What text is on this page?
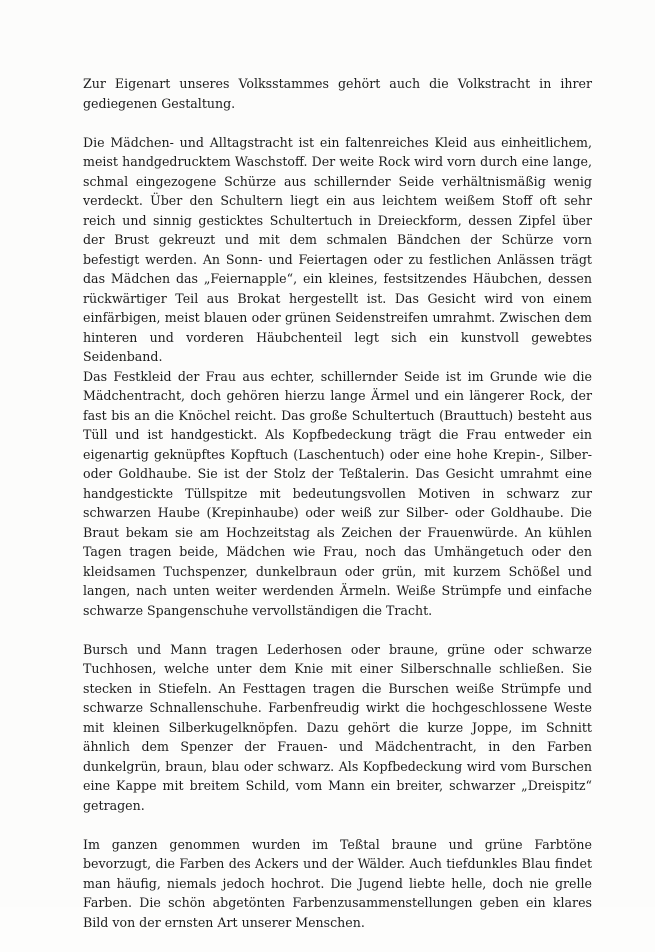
Zur Eigenart unseres Volksstammes gehört auch die Volkstracht in ihrer gediegenen Gestaltung.

Die Mädchen- und Alltagstracht ist ein faltenreiches Kleid aus einheitlichem, meist handgedrucktem Waschstoff. Der weite Rock wird vorn durch eine lange, schmal eingezogene Schürze aus schillernder Seide verhältnismäßig wenig verdeckt. Über den Schultern liegt ein aus leichtem weißem Stoff oft sehr reich und sinnig gesticktes Schultertuch in Dreieckform, dessen Zipfel über der Brust gekreuzt und mit dem schmalen Bändchen der Schürze vorn befestigt werden. An Sonn- und Feiertagen oder zu festlichen Anlässen trägt das Mädchen das „Feiernapple“, ein kleines, festsitzendes Häubchen, dessen rückwärtiger Teil aus Brokat hergestellt ist. Das Gesicht wird von einem einfärbigen, meist blauen oder grünen Seidenstreifen umrahmt. Zwischen dem hinteren und vorderen Häubchenteil legt sich ein kunstvoll gewebtes Seidenband.

Das Festkleid der Frau aus echter, schillernder Seide ist im Grunde wie die Mädchentracht, doch gehören hierzu lange Ärmel und ein längerer Rock, der fast bis an die Knöchel reicht. Das große Schultertuch (Brauttuch) besteht aus Tüll und ist handgestickt. Als Kopfbedeckung trägt die Frau entweder ein eigenartig geknüpftes Kopftuch (Laschentuch) oder eine hohe Krepin-, Silber- oder Goldhaube. Sie ist der Stolz der Teßtalerin. Das Gesicht umrahmt eine handgestickte Tüllspitze mit bedeutungsvollen Motiven in schwarz zur schwarzen Haube (Krepinhaube) oder weiß zur Silber- oder Goldhaube. Die Braut bekam sie am Hochzeitstag als Zeichen der Frauenwürde. An kühlen Tagen tragen beide, Mädchen wie Frau, noch das Umhängetuch oder den kleidsamen Tuchspenzer, dunkelbraun oder grün, mit kurzem Schößel und langen, nach unten weiter werdenden Ärmeln. Weiße Strümpfe und einfache schwarze Spangenschuhe vervollständigen die Tracht.

Bursch und Mann tragen Lederhosen oder braune, grüne oder schwarze Tuchhosen, welche unter dem Knie mit einer Silberschnalle schließen. Sie stecken in Stiefeln. An Festtagen tragen die Burschen weiße Strümpfe und schwarze Schnallenschuhe. Farbenfreudig wirkt die hochgeschlossene Weste mit kleinen Silberkugelknöpfen. Dazu gehört die kurze Joppe, im Schnitt ähnlich dem Spenzer der Frauen- und Mädchentracht, in den Farben dunkelgrün, braun, blau oder schwarz. Als Kopfbedeckung wird vom Burschen eine Kappe mit breitem Schild, vom Mann ein breiter, schwarzer „Dreispitz“ getragen.

Im ganzen genommen wurden im Teßtal braune und grüne Farbtöne bevorzugt, die Farben des Ackers und der Wälder. Auch tiefdunkles Blau findet man häufig, niemals jedoch hochrot. Die Jugend liebte helle, doch nie grelle Farben. Die schön abgetönten Farbenzusammenstellungen geben ein klares Bild von der ernsten Art unserer Menschen.
